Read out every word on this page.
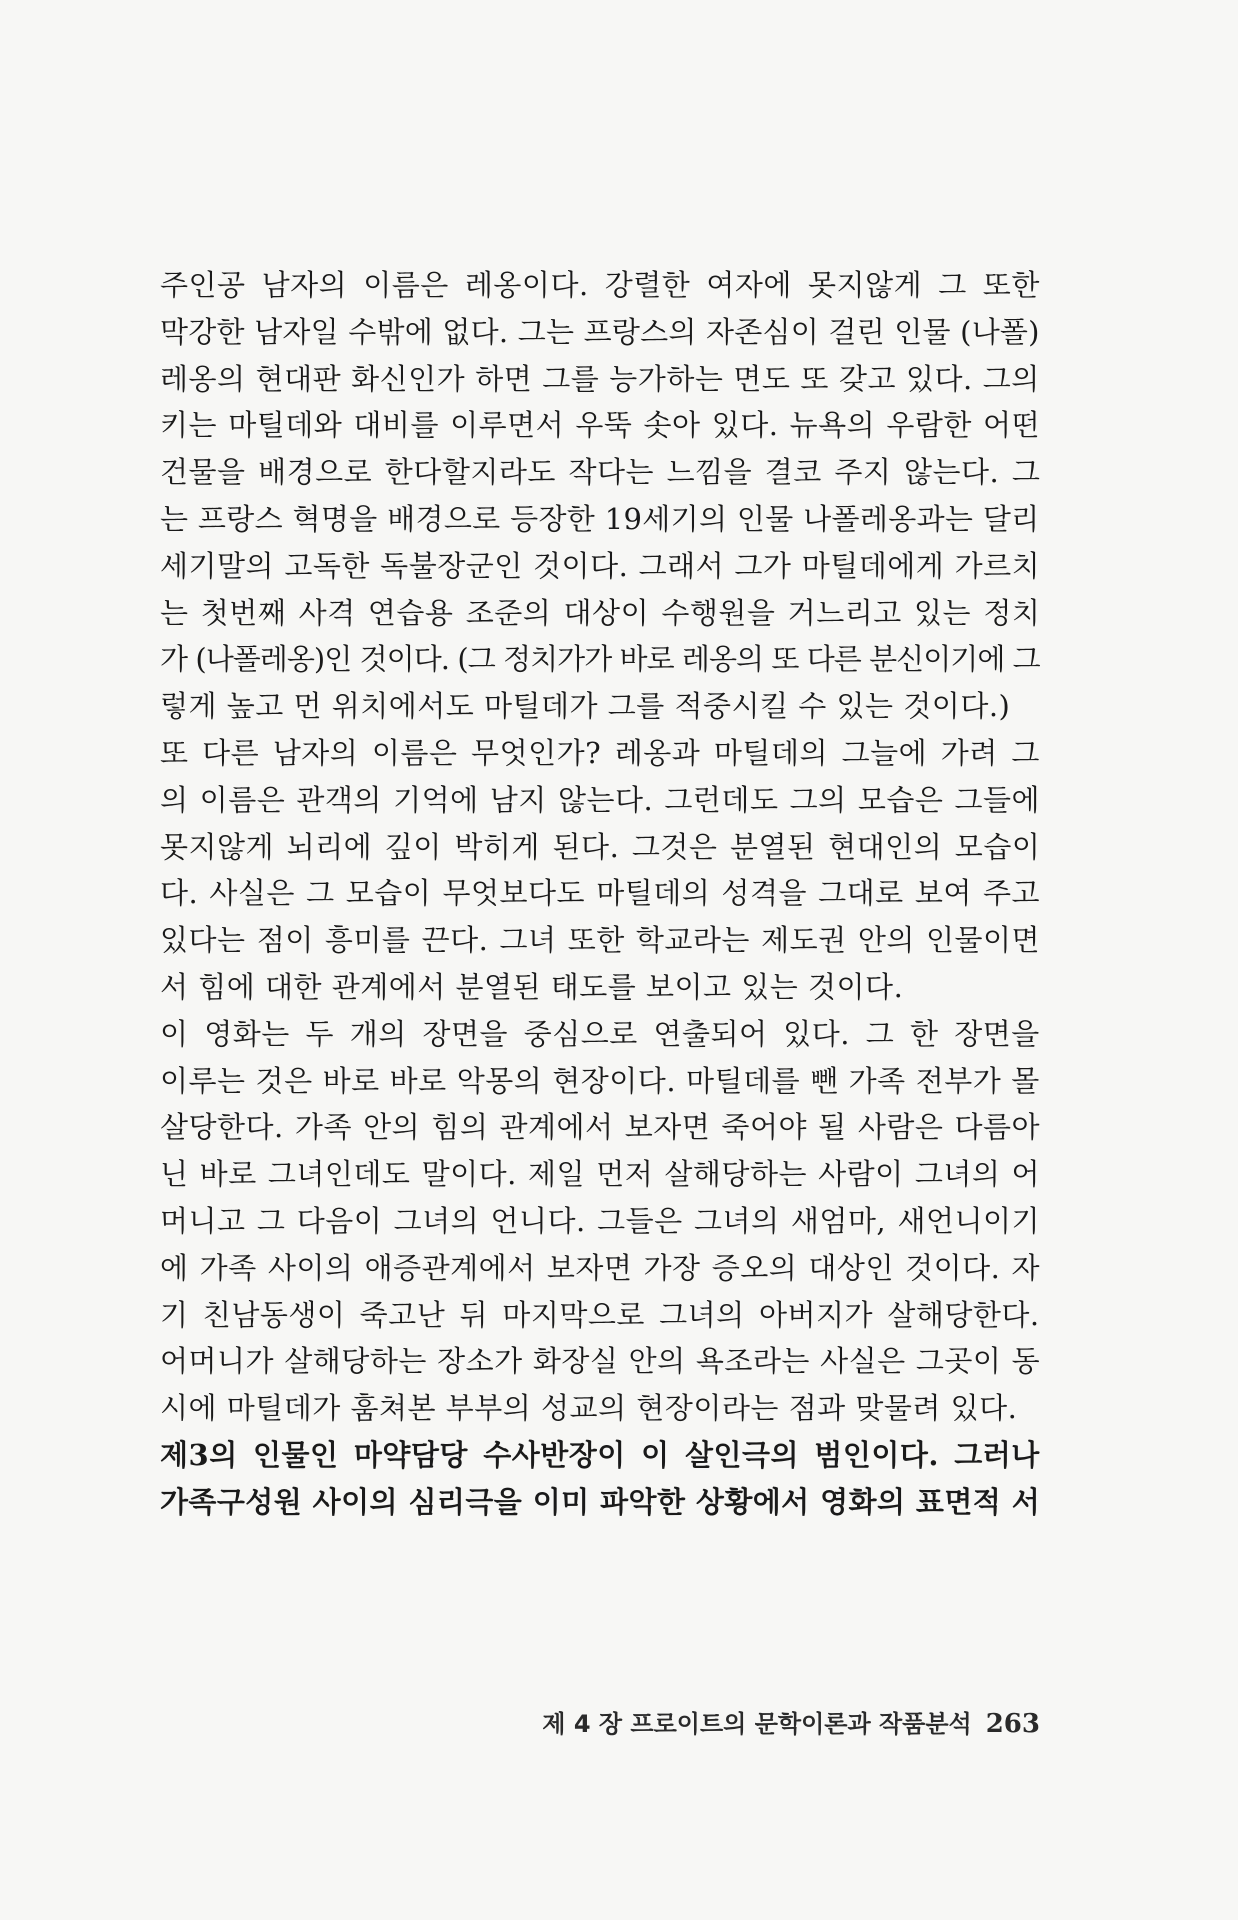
주인공 남자의 이름은 레옹이다. 강렬한 여자에 못지않게 그 또한
막강한 남자일 수밖에 없다. 그는 프랑스의 자존심이 걸린 인물 (나폴)
레옹의 현대판 화신인가 하면 그를 능가하는 면도 또 갖고 있다. 그의
키는 마틸데와 대비를 이루면서 우뚝 솟아 있다. 뉴욕의 우람한 어떤
건물을 배경으로 한다할지라도 작다는 느낌을 결코 주지 않는다. 그
는 프랑스 혁명을 배경으로 등장한 19세기의 인물 나폴레옹과는 달리
세기말의 고독한 독불장군인 것이다. 그래서 그가 마틸데에게 가르치
는 첫번째 사격 연습용 조준의 대상이 수행원을 거느리고 있는 정치
가 (나폴레옹)인 것이다. (그 정치가가 바로 레옹의 또 다른 분신이기에 그
렇게 높고 먼 위치에서도 마틸데가 그를 적중시킬 수 있는 것이다.)
또 다른 남자의 이름은 무엇인가? 레옹과 마틸데의 그늘에 가려 그
의 이름은 관객의 기억에 남지 않는다. 그런데도 그의 모습은 그들에
못지않게 뇌리에 깊이 박히게 된다. 그것은 분열된 현대인의 모습이
다. 사실은 그 모습이 무엇보다도 마틸데의 성격을 그대로 보여 주고
있다는 점이 흥미를 끈다. 그녀 또한 학교라는 제도권 안의 인물이면
서 힘에 대한 관계에서 분열된 태도를 보이고 있는 것이다.
이 영화는 두 개의 장면을 중심으로 연출되어 있다. 그 한 장면을
이루는 것은 바로 바로 악몽의 현장이다. 마틸데를 뺀 가족 전부가 몰
살당한다. 가족 안의 힘의 관계에서 보자면 죽어야 될 사람은 다름아
닌 바로 그녀인데도 말이다. 제일 먼저 살해당하는 사람이 그녀의 어
머니고 그 다음이 그녀의 언니다. 그들은 그녀의 새엄마, 새언니이기
에 가족 사이의 애증관계에서 보자면 가장 증오의 대상인 것이다. 자
기 친남동생이 죽고난 뒤 마지막으로 그녀의 아버지가 살해당한다.
어머니가 살해당하는 장소가 화장실 안의 욕조라는 사실은 그곳이 동
시에 마틸데가 훔쳐본 부부의 성교의 현장이라는 점과 맞물려 있다.
제3의 인물인 마약담당 수사반장이 이 살인극의 범인이다. 그러나
가족구성원 사이의 심리극을 이미 파악한 상황에서 영화의 표면적 서
제 4 장 프로이트의 문학이론과 작품분석 263
